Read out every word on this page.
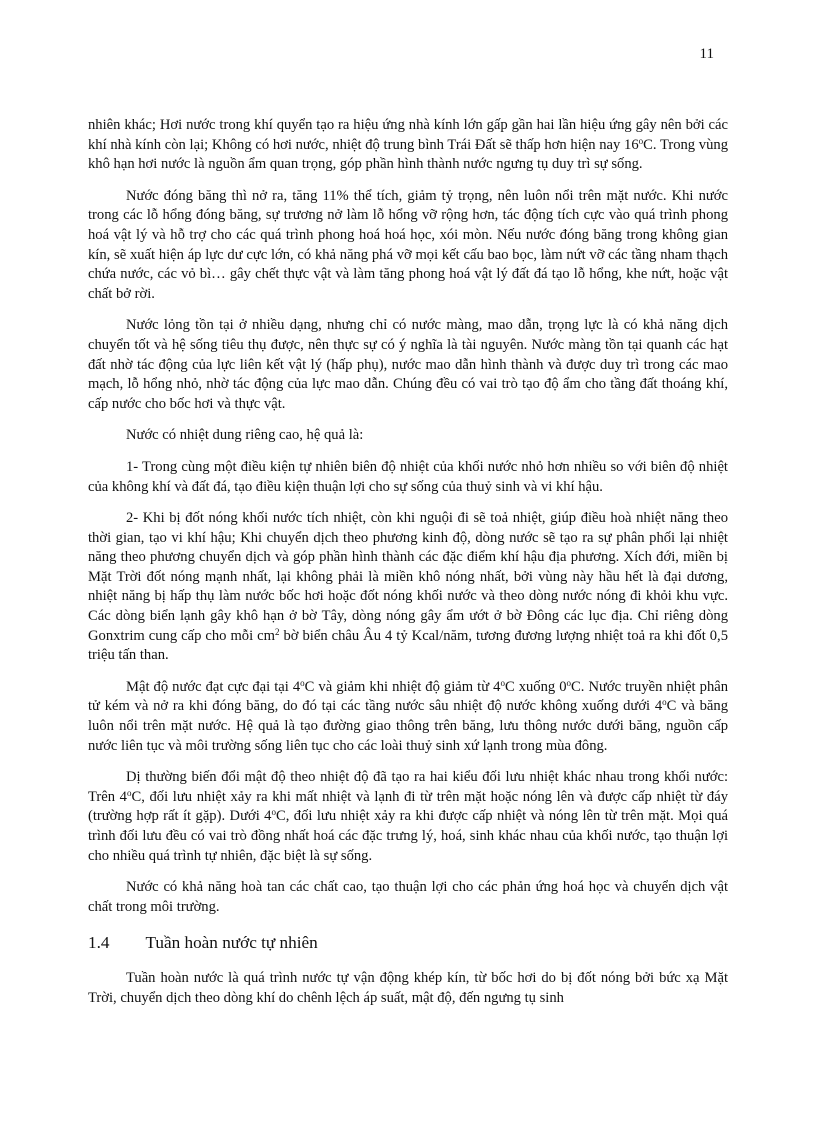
11

nhiên khác; Hơi nước trong khí quyển tạo ra hiệu ứng nhà kính lớn gấp gần hai lần hiệu ứng gây nên bởi các khí nhà kính còn lại; Không có hơi nước, nhiệt độ trung bình Trái Đất sẽ thấp hơn hiện nay 16$^o$C. Trong vùng khô hạn hơi nước là nguồn ẩm quan trọng, góp phần hình thành nước ngưng tụ duy trì sự sống.

Nước đóng băng thì nở ra, tăng 11% thể tích, giảm tỷ trọng, nên luôn nổi trên mặt nước. Khi nước trong các lỗ hổng đóng băng, sự trương nở làm lỗ hổng vỡ rộng hơn, tác động tích cực vào quá trình phong hoá vật lý và hỗ trợ cho các quá trình phong hoá hoá học, xói mòn. Nếu nước đóng băng trong không gian kín, sẽ xuất hiện áp lực dư cực lớn, có khả năng phá vỡ mọi kết cấu bao bọc, làm nứt vỡ các tầng nham thạch chứa nước, các vỏ bì… gây chết thực vật và làm tăng phong hoá vật lý đất đá tạo lỗ hổng, khe nứt, hoặc vật chất bở rời.

Nước lỏng tồn tại ở nhiều dạng, nhưng chỉ có nước màng, mao dẫn, trọng lực là có khả năng dịch chuyển tốt và hệ sống tiêu thụ được, nên thực sự có ý nghĩa là tài nguyên. Nước màng tồn tại quanh các hạt đất nhờ tác động của lực liên kết vật lý (hấp phụ), nước mao dẫn hình thành và được duy trì trong các mao mạch, lỗ hổng nhỏ, nhờ tác động của lực mao dẫn. Chúng đều có vai trò tạo độ ẩm cho tầng đất thoáng khí, cấp nước cho bốc hơi và thực vật.

Nước có nhiệt dung riêng cao, hệ quả là:

1- Trong cùng một điều kiện tự nhiên biên độ nhiệt của khối nước nhỏ hơn nhiều so với biên độ nhiệt của không khí và đất đá, tạo điều kiện thuận lợi cho sự sống của thuỷ sinh và vi khí hậu.

2- Khi bị đốt nóng khối nước tích nhiệt, còn khi nguội đi sẽ toả nhiệt, giúp điều hoà nhiệt năng theo thời gian, tạo vi khí hậu; Khi chuyển dịch theo phương kinh độ, dòng nước sẽ tạo ra sự phân phối lại nhiệt năng theo phương chuyển dịch và góp phần hình thành các đặc điểm khí hậu địa phương. Xích đới, miền bị Mặt Trời đốt nóng mạnh nhất, lại không phải là miền khô nóng nhất, bởi vùng này hầu hết là đại dương, nhiệt năng bị hấp thụ làm nước bốc hơi hoặc đốt nóng khối nước và theo dòng nước nóng đi khỏi khu vực. Các dòng biển lạnh gây khô hạn ở bờ Tây, dòng nóng gây ẩm ướt ở bờ Đông các lục địa. Chỉ riêng dòng Gonxtrim cung cấp cho mỗi $cm^2$ bờ biển châu Âu 4 tỷ Kcal/năm, tương đương lượng nhiệt toả ra khi đốt 0,5 triệu tấn than.

Mật độ nước đạt cực đại tại 4$^o$C và giảm khi nhiệt độ giảm từ 4$^o$C xuống 0$^o$C. Nước truyền nhiệt phân tử kém và nở ra khi đóng băng, do đó tại các tầng nước sâu nhiệt độ nước không xuống dưới 4$^o$C và băng luôn nổi trên mặt nước. Hệ quả là tạo đường giao thông trên băng, lưu thông nước dưới băng, nguồn cấp nước liên tục và môi trường sống liên tục cho các loài thuỷ sinh xứ lạnh trong mùa đông.

Dị thường biến đổi mật độ theo nhiệt độ đã tạo ra hai kiểu đối lưu nhiệt khác nhau trong khối nước: Trên 4$^o$C, đối lưu nhiệt xảy ra khi mất nhiệt và lạnh đi từ trên mặt hoặc nóng lên và được cấp nhiệt từ đáy (trường hợp rất ít gặp). Dưới 4$^o$C, đối lưu nhiệt xảy ra khi được cấp nhiệt và nóng lên từ trên mặt. Mọi quá trình đối lưu đều có vai trò đồng nhất hoá các đặc trưng lý, hoá, sinh khác nhau của khối nước, tạo thuận lợi cho nhiều quá trình tự nhiên, đặc biệt là sự sống.

Nước có khả năng hoà tan các chất cao, tạo thuận lợi cho các phản ứng hoá học và chuyển dịch vật chất trong môi trường.

1.4 Tuần hoàn nước tự nhiên

Tuần hoàn nước là quá trình nước tự vận động khép kín, từ bốc hơi do bị đốt nóng bởi bức xạ Mặt Trời, chuyển dịch theo dòng khí do chênh lệch áp suất, mật độ, đến ngưng tụ sinh
